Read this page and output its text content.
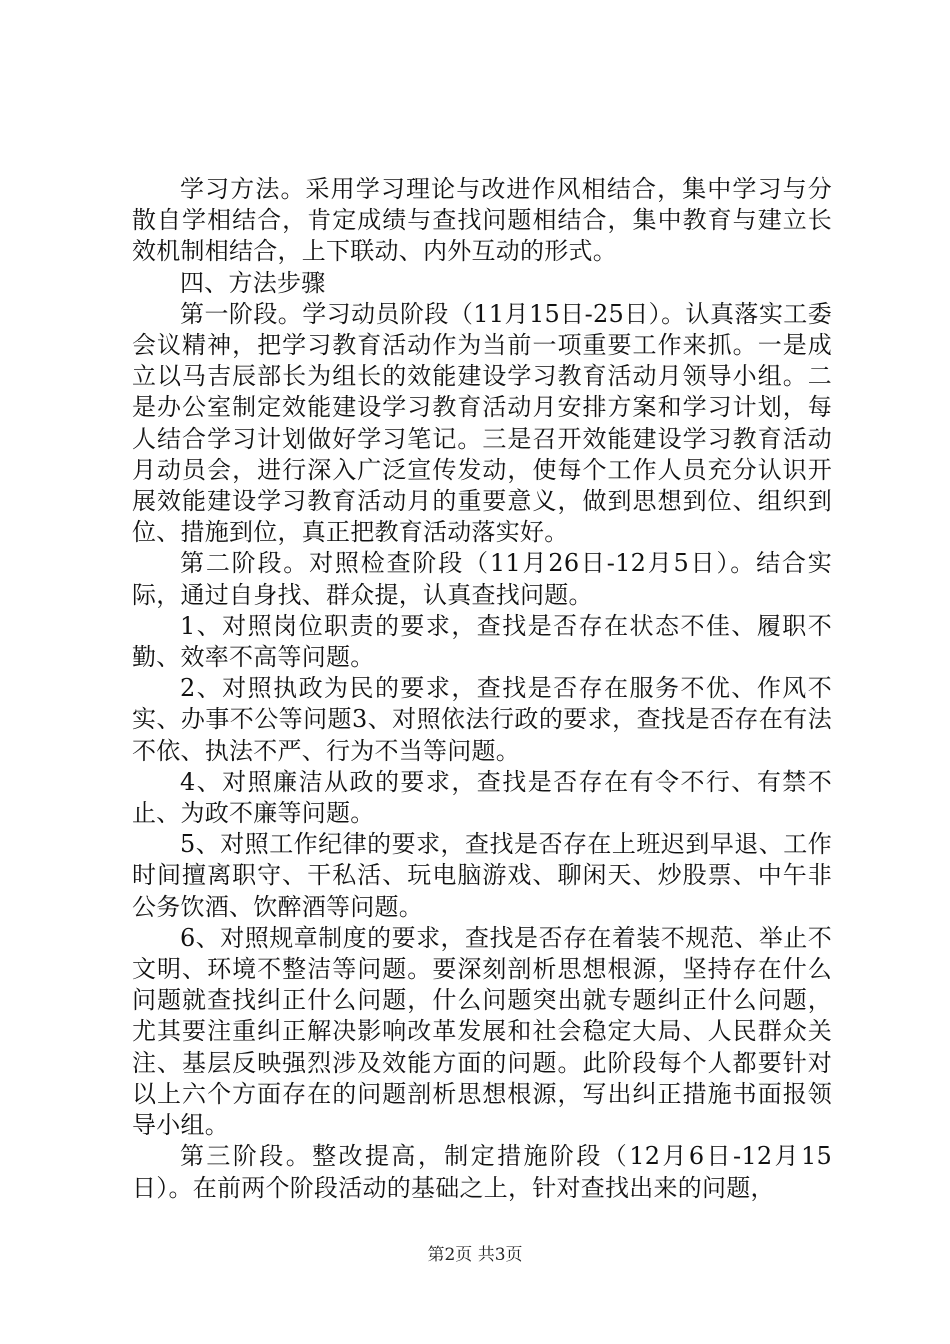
学习方法。采用学习理论与改进作风相结合，集中学习与分散自学相结合，肯定成绩与查找问题相结合，集中教育与建立长效机制相结合，上下联动、内外互动的形式。

四、方法步骤

第一阶段。学习动员阶段（11月15日-25日）。认真落实工委会议精神，把学习教育活动作为当前一项重要工作来抓。一是成立以马吉辰部长为组长的效能建设学习教育活动月领导小组。二是办公室制定效能建设学习教育活动月安排方案和学习计划，每人结合学习计划做好学习笔记。三是召开效能建设学习教育活动月动员会，进行深入广泛宣传发动，使每个工作人员充分认识开展效能建设学习教育活动月的重要意义，做到思想到位、组织到位、措施到位，真正把教育活动落实好。

第二阶段。对照检查阶段（11月26日-12月5日）。结合实际，通过自身找、群众提，认真查找问题。

1、对照岗位职责的要求，查找是否存在状态不佳、履职不勤、效率不高等问题。

2、对照执政为民的要求，查找是否存在服务不优、作风不实、办事不公等问题3、对照依法行政的要求，查找是否存在有法不依、执法不严、行为不当等问题。

4、对照廉洁从政的要求，查找是否存在有令不行、有禁不止、为政不廉等问题。

5、对照工作纪律的要求，查找是否存在上班迟到早退、工作时间擅离职守、干私活、玩电脑游戏、聊闲天、炒股票、中午非公务饮酒、饮醉酒等问题。

6、对照规章制度的要求，查找是否存在着装不规范、举止不文明、环境不整洁等问题。要深刻剖析思想根源，坚持存在什么问题就查找纠正什么问题，什么问题突出就专题纠正什么问题，尤其要注重纠正解决影响改革发展和社会稳定大局、人民群众关注、基层反映强烈涉及效能方面的问题。此阶段每个人都要针对以上六个方面存在的问题剖析思想根源，写出纠正措施书面报领导小组。

第三阶段。整改提高，制定措施阶段（12月6日-12月15日）。在前两个阶段活动的基础之上，针对查找出来的问题，

第2页 共3页
